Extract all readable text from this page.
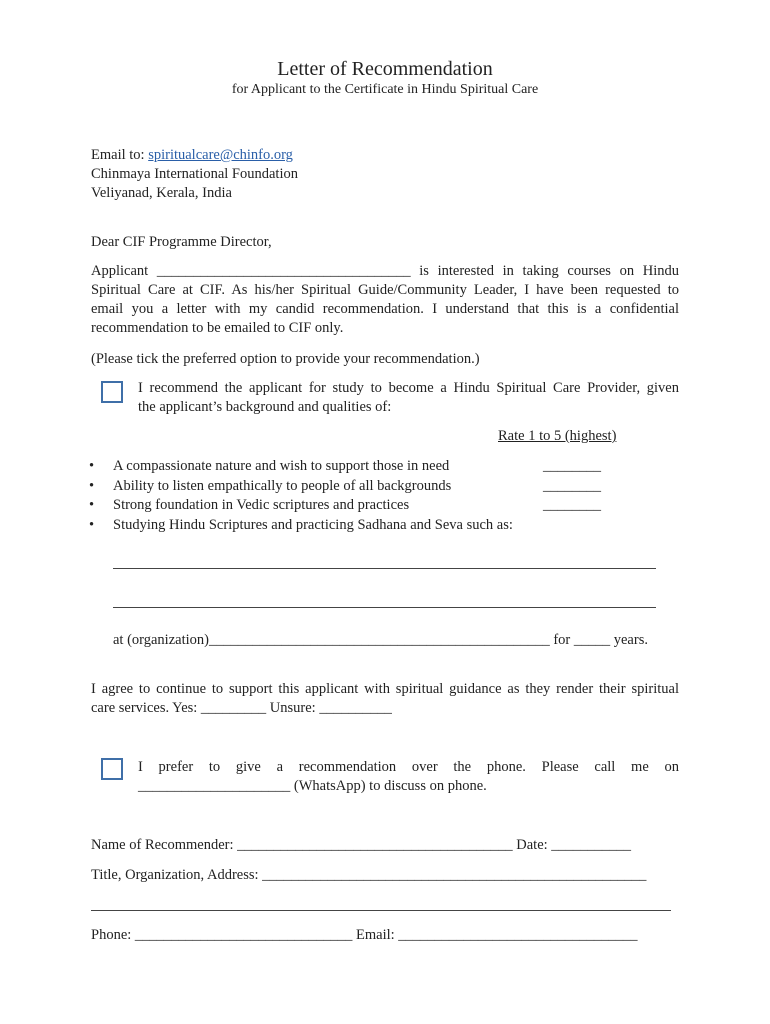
Letter of Recommendation
for Applicant to the Certificate in Hindu Spiritual Care
Email to: spiritualcare@chinfo.org
Chinmaya International Foundation
Veliyanad, Kerala, India
Dear CIF Programme Director,
Applicant ___________________________________ is interested in taking courses on Hindu
Spiritual Care at CIF. As his/her Spiritual Guide/Community Leader, I have been requested to
email you a letter with my candid recommendation. I understand that this is a confidential
recommendation to be emailed to CIF only.
(Please tick the preferred option to provide your recommendation.)
I recommend the applicant for study to become a Hindu Spiritual Care Provider, given
the applicant’s background and qualities of:
Rate 1 to 5 (highest)
•	A compassionate nature and wish to support those in need	________
•	Ability to listen empathically to people of all backgrounds	________
•	Strong foundation in Vedic scriptures and practices	________
•	Studying Hindu Scriptures and practicing Sadhana and Seva such as:
at (organization)_______________________________________________ for _____ years.
I agree to continue to support this applicant with spiritual guidance as they render their spiritual
care services. Yes: _________ Unsure: __________
I prefer to give a recommendation over the phone. Please call me on
_____________________ (WhatsApp) to discuss on phone.
Name of Recommender: ______________________________________ Date: ___________
Title, Organization, Address: _____________________________________________________
Phone: ______________________________ Email: _________________________________
